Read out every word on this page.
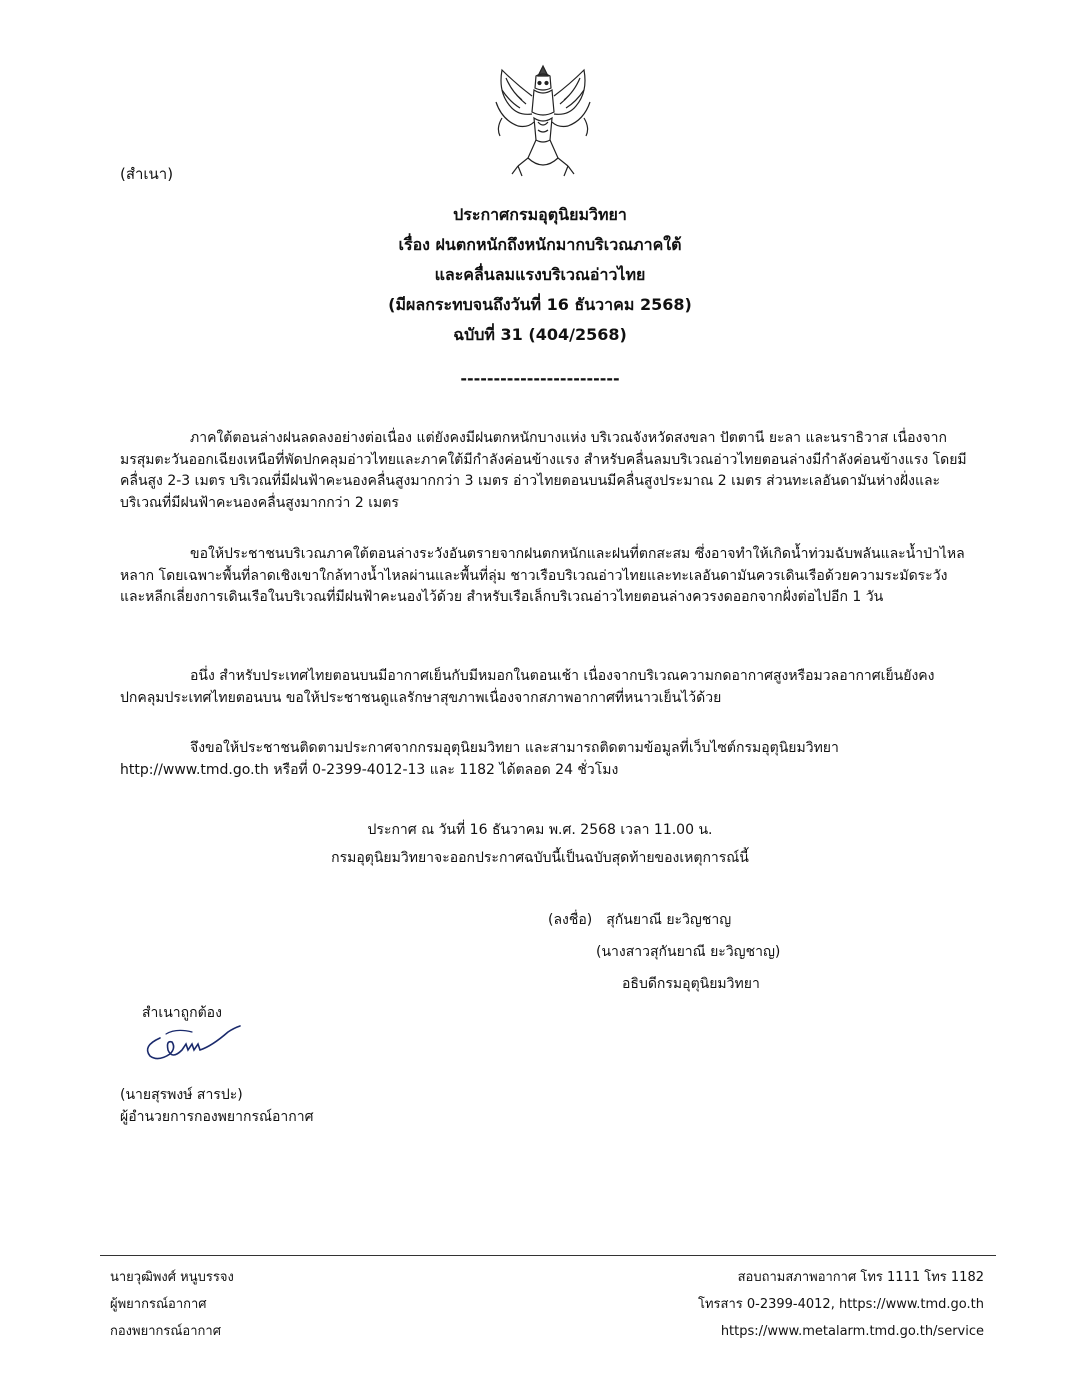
(สำเนา)
ประกาศกรมอุตุนิยมวิทยา
เรื่อง ฝนตกหนักถึงหนักมากบริเวณภาคใต้
และคลื่นลมแรงบริเวณอ่าวไทย
(มีผลกระทบจนถึงวันที่ 16 ธันวาคม 2568)
ฉบับที่ 31 (404/2568)
------------------------
ภาคใต้ตอนล่างฝนลดลงอย่างต่อเนื่อง แต่ยังคงมีฝนตกหนักบางแห่ง บริเวณจังหวัดสงขลา ปัตตานี ยะลา และนราธิวาส เนื่องจากมรสุมตะวันออกเฉียงเหนือที่พัดปกคลุมอ่าวไทยและภาคใต้มีกำลังค่อนข้างแรง สำหรับคลื่นลมบริเวณอ่าวไทยตอนล่างมีกำลังค่อนข้างแรง โดยมีคลื่นสูง 2-3 เมตร บริเวณที่มีฝนฟ้าคะนองคลื่นสูงมากกว่า 3 เมตร อ่าวไทยตอนบนมีคลื่นสูงประมาณ 2 เมตร ส่วนทะเลอันดามันห่างฝั่งและบริเวณที่มีฝนฟ้าคะนองคลื่นสูงมากกว่า 2 เมตร
ขอให้ประชาชนบริเวณภาคใต้ตอนล่างระวังอันตรายจากฝนตกหนักและฝนที่ตกสะสม ซึ่งอาจทำให้เกิดน้ำท่วมฉับพลันและน้ำป่าไหลหลาก โดยเฉพาะพื้นที่ลาดเชิงเขาใกล้ทางน้ำไหลผ่านและพื้นที่ลุ่ม ชาวเรือบริเวณอ่าวไทยและทะเลอันดามันควรเดินเรือด้วยความระมัดระวัง และหลีกเลี่ยงการเดินเรือในบริเวณที่มีฝนฟ้าคะนองไว้ด้วย สำหรับเรือเล็กบริเวณอ่าวไทยตอนล่างควรงดออกจากฝั่งต่อไปอีก 1 วัน
อนึ่ง สำหรับประเทศไทยตอนบนมีอากาศเย็นกับมีหมอกในตอนเช้า เนื่องจากบริเวณความกดอากาศสูงหรือมวลอากาศเย็นยังคงปกคลุมประเทศไทยตอนบน ขอให้ประชาชนดูแลรักษาสุขภาพเนื่องจากสภาพอากาศที่หนาวเย็นไว้ด้วย
จึงขอให้ประชาชนติดตามประกาศจากกรมอุตุนิยมวิทยา และสามารถติดตามข้อมูลที่เว็บไซต์กรมอุตุนิยมวิทยา http://www.tmd.go.th หรือที่ 0-2399-4012-13 และ 1182 ได้ตลอด 24 ชั่วโมง
ประกาศ ณ วันที่ 16 ธันวาคม พ.ศ. 2568 เวลา 11.00 น.
กรมอุตุนิยมวิทยาจะออกประกาศฉบับนี้เป็นฉบับสุดท้ายของเหตุการณ์นี้
(ลงชื่อ) สุกันยาณี ยะวิญชาญ
(นางสาวสุกันยาณี ยะวิญชาญ)
อธิบดีกรมอุตุนิยมวิทยา
สำเนาถูกต้อง
(นายสุรพงษ์ สารปะ)
ผู้อำนวยการกองพยากรณ์อากาศ
นายวุฒิพงศ์ หนูบรรจง
ผู้พยากรณ์อากาศ
กองพยากรณ์อากาศ
สอบถามสภาพอากาศ โทร 1111 โทร 1182
โทรสาร 0-2399-4012, https://www.tmd.go.th
https://www.metalarm.tmd.go.th/service
